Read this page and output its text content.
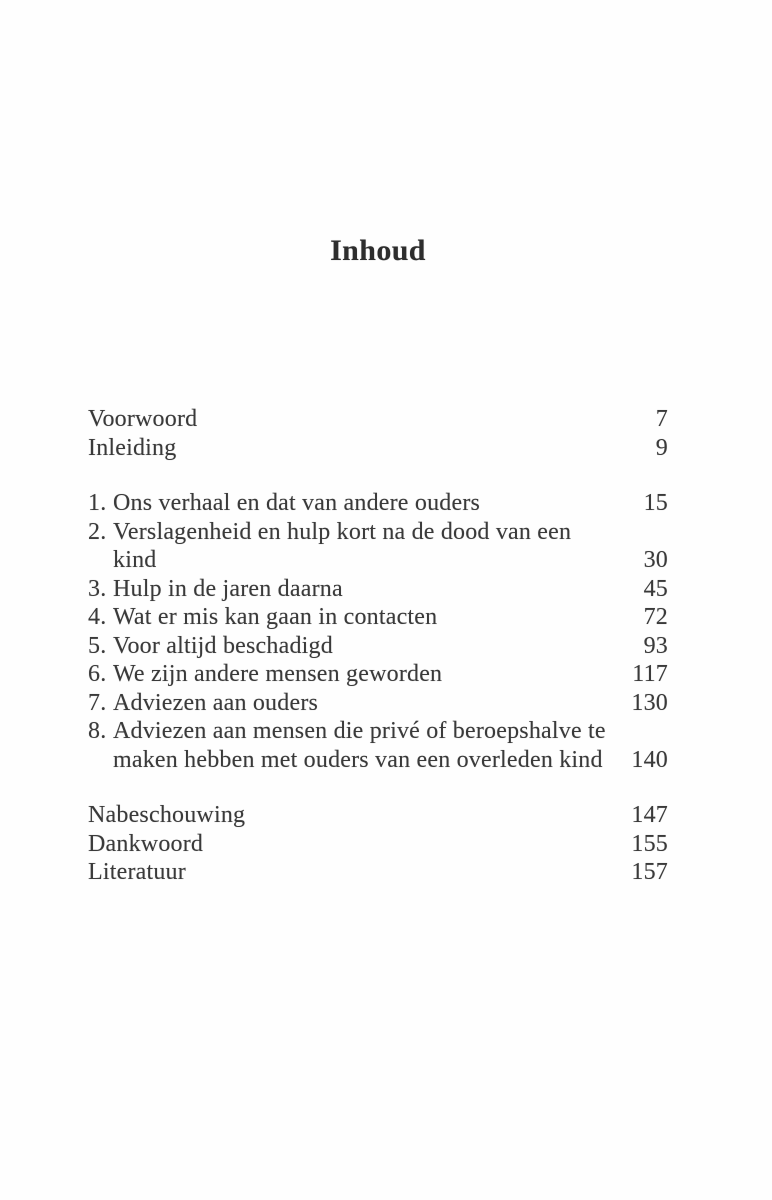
Inhoud
Voorwoord	7
Inleiding	9
1. Ons verhaal en dat van andere ouders	15
2. Verslagenheid en hulp kort na de dood van een kind	30
3. Hulp in de jaren daarna	45
4. Wat er mis kan gaan in contacten	72
5. Voor altijd beschadigd	93
6. We zijn andere mensen geworden	117
7. Adviezen aan ouders	130
8. Adviezen aan mensen die privé of beroepshalve te maken hebben met ouders van een overleden kind	140
Nabeschouwing	147
Dankwoord	155
Literatuur	157
